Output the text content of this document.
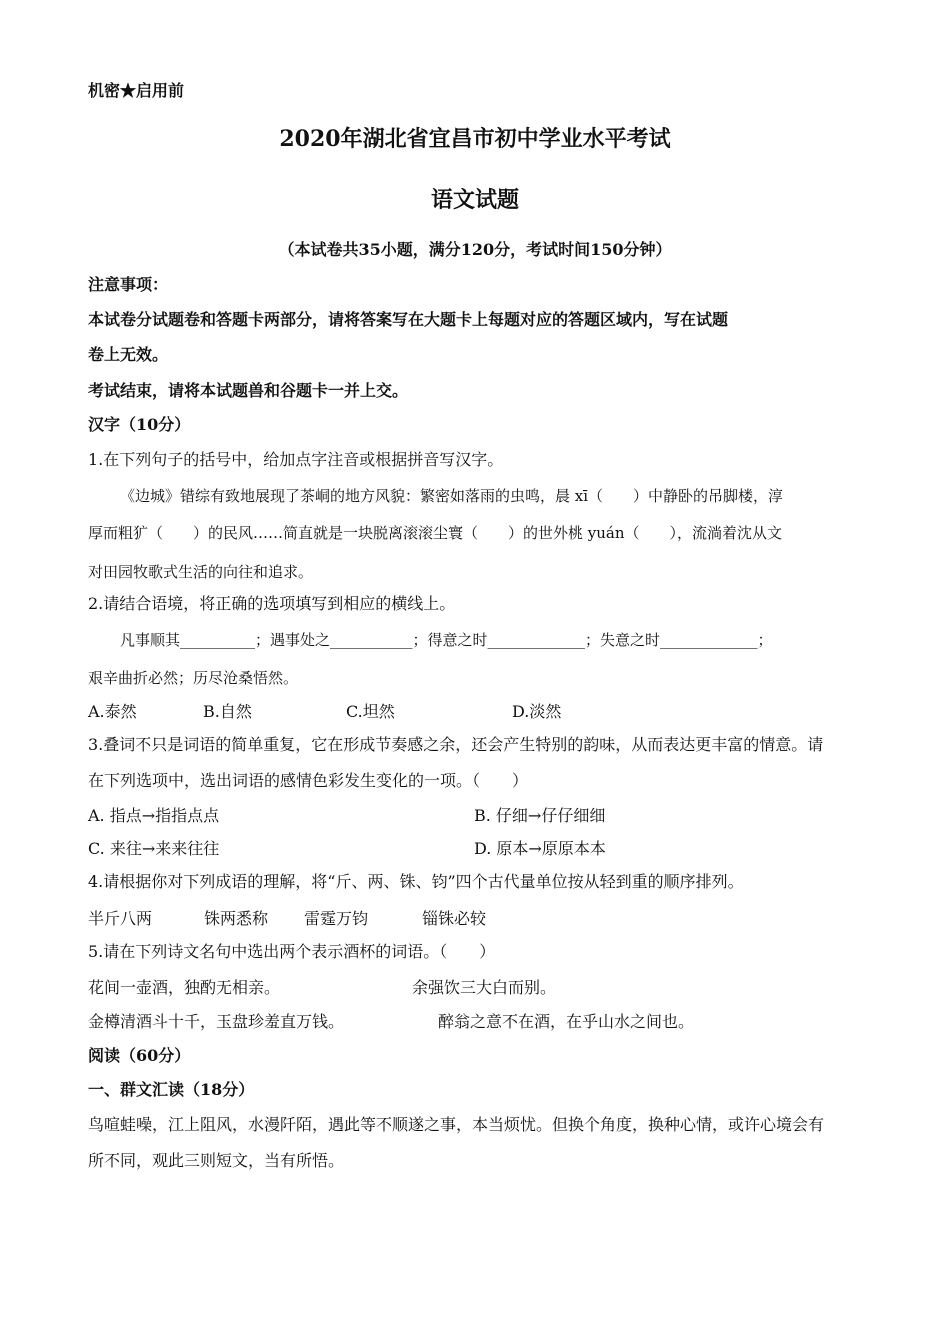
机密★启用前
2020年湖北省宜昌市初中学业水平考试
语文试题
（本试卷共35小题，满分120分，考试时间150分钟）
注意事项：
本试卷分试题卷和答题卡两部分，请将答案写在大题卡上每题对应的答题区域内，写在试题
卷上无效。
考试结束，请将本试题兽和谷题卡一并上交。
汉字（10分）
1.在下列句子的括号中，给加点字注音或根据拼音写汉字。
《边城》错综有致地展现了茶峒的地方风貌：繁密如落雨的虫鸣，晨 xī（　　）中静卧的吊脚楼，淳
厚而粗犷（　　）的民风……简直就是一块脱离滚滚尘寰（　　）的世外桃 yuán（　　），流淌着沈从文
对田园牧歌式生活的向往和追求。
2.请结合语境，将正确的选项填写到相应的横线上。
凡事顺其__________；遇事处之___________；得意之时_____________；失意之时_____________；
艰辛曲折必然；历尽沧桑悟然。
A.泰然	B.自然	C.坦然	D.淡然
3.叠词不只是词语的简单重复，它在形成节奏感之余，还会产生特别的韵味，从而表达更丰富的情意。请
在下列选项中，选出词语的感情色彩发生变化的一项。（　　）
A. 指点→指指点点	B. 仔细→仔仔细细
C. 来往→来来往往	D. 原本→原原本本
4.请根据你对下列成语的理解，将“斤、两、铢、钧”四个古代量单位按从轻到重的顺序排列。
半斤八两	铢两悉称 雷霆万钧	锱铢必较
5.请在下列诗文名句中选出两个表示酒杯的词语。（　　）
花间一壶酒，独酌无相亲。	余强饮三大白而别。
金樽清酒斗十千，玉盘珍羞直万钱。	醉翁之意不在酒，在乎山水之间也。
阅读（60分）
一、群文汇读（18分）
鸟喧蛙噪，江上阻风，水漫阡陌，遇此等不顺遂之事，本当烦忧。但换个角度，换种心情，或许心境会有
所不同，观此三则短文，当有所悟。
